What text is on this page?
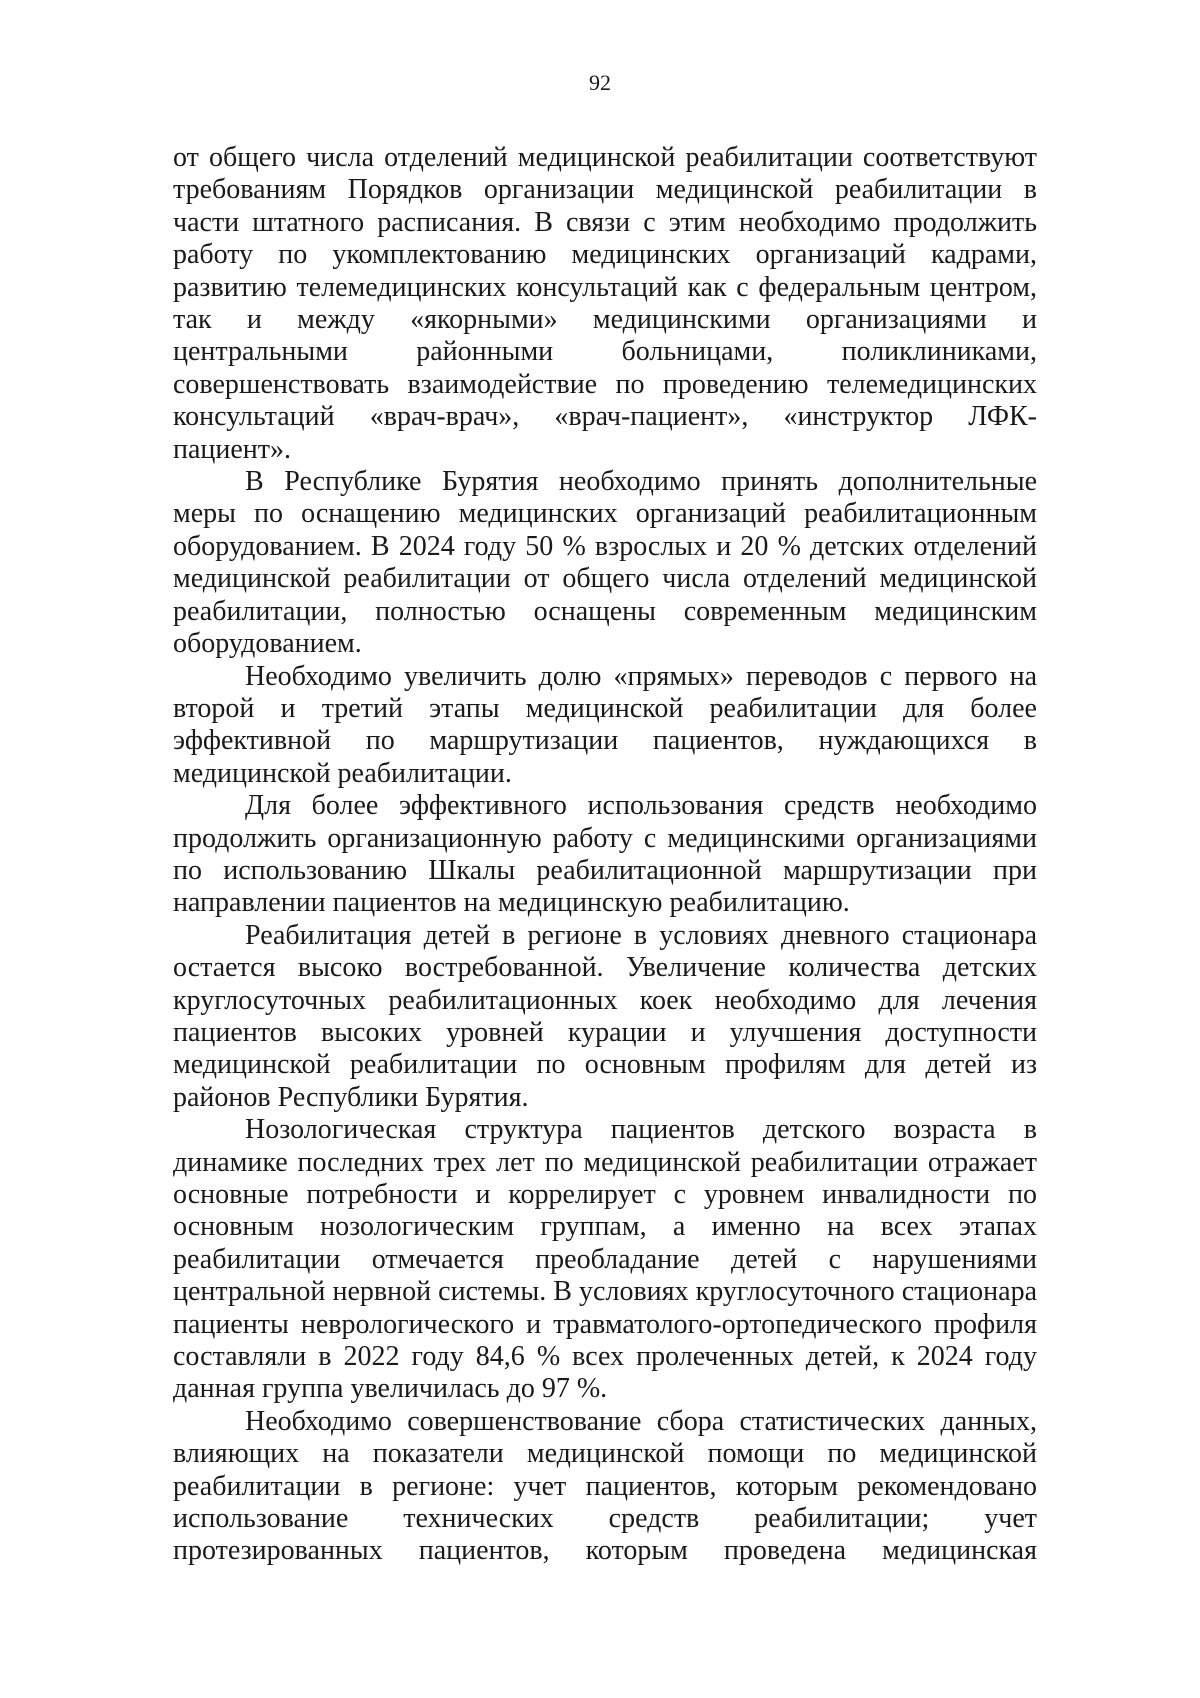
92

от общего числа отделений медицинской реабилитации соответствуют требованиям Порядков организации медицинской реабилитации в части штатного расписания. В связи с этим необходимо продолжить работу по укомплектованию медицинских организаций кадрами, развитию телемедицинских консультаций как с федеральным центром, так и между «якорными» медицинскими организациями и центральными районными больницами, поликлиниками, совершенствовать взаимодействие по проведению телемедицинских консультаций «врач-врач», «врач-пациент», «инструктор ЛФК-пациент».

В Республике Бурятия необходимо принять дополнительные меры по оснащению медицинских организаций реабилитационным оборудованием. В 2024 году 50 % взрослых и 20 % детских отделений медицинской реабилитации от общего числа отделений медицинской реабилитации, полностью оснащены современным медицинским оборудованием.

Необходимо увеличить долю «прямых» переводов с первого на второй и третий этапы медицинской реабилитации для более эффективной по маршрутизации пациентов, нуждающихся в медицинской реабилитации.

Для более эффективного использования средств необходимо продолжить организационную работу с медицинскими организациями по использованию Шкалы реабилитационной маршрутизации при направлении пациентов на медицинскую реабилитацию.

Реабилитация детей в регионе в условиях дневного стационара остается высоко востребованной. Увеличение количества детских круглосуточных реабилитационных коек необходимо для лечения пациентов высоких уровней курации и улучшения доступности медицинской реабилитации по основным профилям для детей из районов Республики Бурятия.

Нозологическая структура пациентов детского возраста в динамике последних трех лет по медицинской реабилитации отражает основные потребности и коррелирует с уровнем инвалидности по основным нозологическим группам, а именно на всех этапах реабилитации отмечается преобладание детей с нарушениями центральной нервной системы. В условиях круглосуточного стационара пациенты неврологического и травматолого-ортопедического профиля составляли в 2022 году 84,6 % всех пролеченных детей, к 2024 году данная группа увеличилась до 97 %.

Необходимо совершенствование сбора статистических данных, влияющих на показатели медицинской помощи по медицинской реабилитации в регионе: учет пациентов, которым рекомендовано использование технических средств реабилитации; учет протезированных пациентов, которым проведена медицинская
